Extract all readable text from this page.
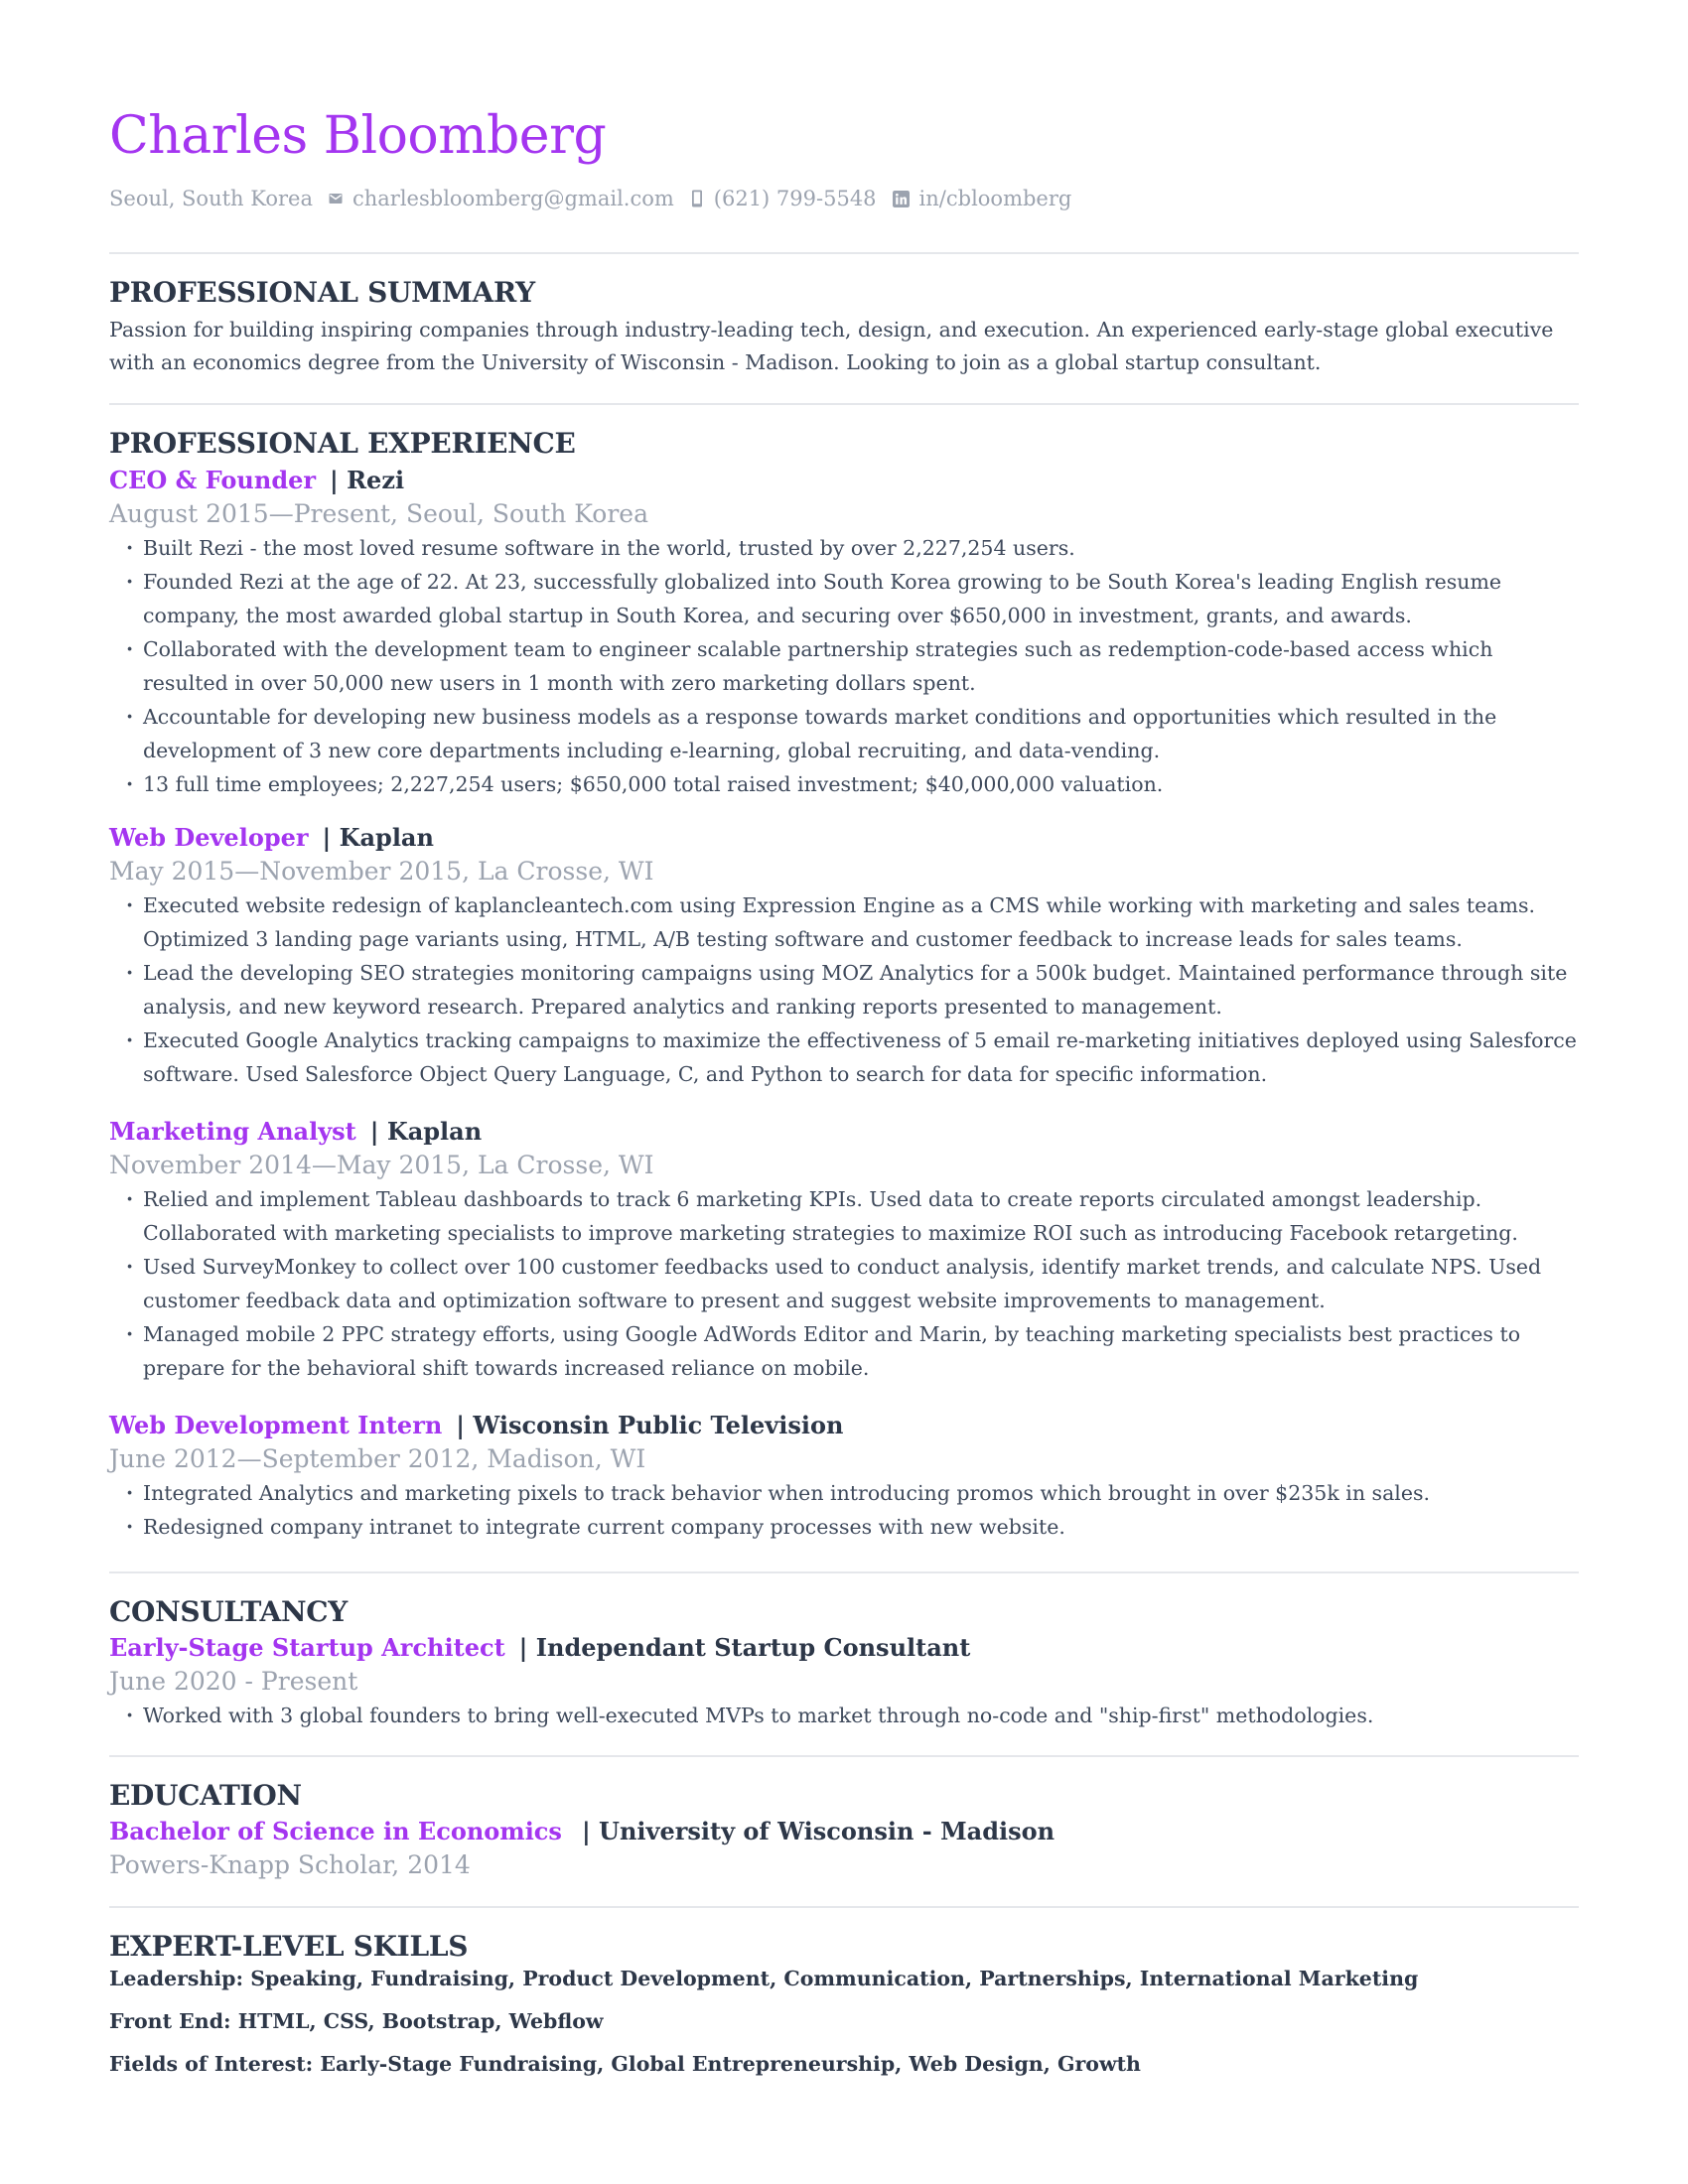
Charles Bloomberg
Seoul, South Korea charlesbloomberg@gmail.com (621) 799-5548 in/cbloomberg
PROFESSIONAL SUMMARY

Passion for building inspiring companies through industry-leading tech, design, and execution. An experienced early-stage global executive with an economics degree from the University of Wisconsin - Madison. Looking to join as a global startup consultant.

PROFESSIONAL EXPERIENCE
CEO & Founder | Rezi
August 2015—Present, Seoul, South Korea
· Built Rezi - the most loved resume software in the world, trusted by over 2,227,254 users.
· Founded Rezi at the age of 22. At 23, successfully globalized into South Korea growing to be South Korea's leading English resume company, the most awarded global startup in South Korea, and securing over $650,000 in investment, grants, and awards.
· Collaborated with the development team to engineer scalable partnership strategies such as redemption-code-based access which resulted in over 50,000 new users in 1 month with zero marketing dollars spent.
· Accountable for developing new business models as a response towards market conditions and opportunities which resulted in the development of 3 new core departments including e-learning, global recruiting, and data-vending.
· 13 full time employees; 2,227,254 users; $650,000 total raised investment; $40,000,000 valuation.
Web Developer | Kaplan
May 2015—November 2015, La Crosse, WI
· Executed website redesign of kaplancleantech.com using Expression Engine as a CMS while working with marketing and sales teams. Optimized 3 landing page variants using, HTML, A/B testing software and customer feedback to increase leads for sales teams.
· Lead the developing SEO strategies monitoring campaigns using MOZ Analytics for a 500k budget. Maintained performance through site analysis, and new keyword research. Prepared analytics and ranking reports presented to management.
· Executed Google Analytics tracking campaigns to maximize the effectiveness of 5 email re-marketing initiatives deployed using Salesforce software. Used Salesforce Object Query Language, C, and Python to search for data for specific information.
Marketing Analyst | Kaplan
November 2014—May 2015, La Crosse, WI
· Relied and implement Tableau dashboards to track 6 marketing KPIs. Used data to create reports circulated amongst leadership. Collaborated with marketing specialists to improve marketing strategies to maximize ROI such as introducing Facebook retargeting.
· Used SurveyMonkey to collect over 100 customer feedbacks used to conduct analysis, identify market trends, and calculate NPS. Used customer feedback data and optimization software to present and suggest website improvements to management.
· Managed mobile 2 PPC strategy efforts, using Google AdWords Editor and Marin, by teaching marketing specialists best practices to prepare for the behavioral shift towards increased reliance on mobile.
Web Development Intern | Wisconsin Public Television
June 2012—September 2012, Madison, WI
· Integrated Analytics and marketing pixels to track behavior when introducing promos which brought in over $235k in sales.
· Redesigned company intranet to integrate current company processes with new website.
CONSULTANCY
Early-Stage Startup Architect | Independant Startup Consultant
June 2020 - Present
· Worked with 3 global founders to bring well-executed MVPs to market through no-code and "ship-first" methodologies.
EDUCATION
Bachelor of Science in Economics | University of Wisconsin - Madison
Powers-Knapp Scholar, 2014
EXPERT-LEVEL SKILLS
Leadership: Speaking, Fundraising, Product Development, Communication, Partnerships, International Marketing
Front End: HTML, CSS, Bootstrap, Webflow
Fields of Interest: Early-Stage Fundraising, Global Entrepreneurship, Web Design, Growth
